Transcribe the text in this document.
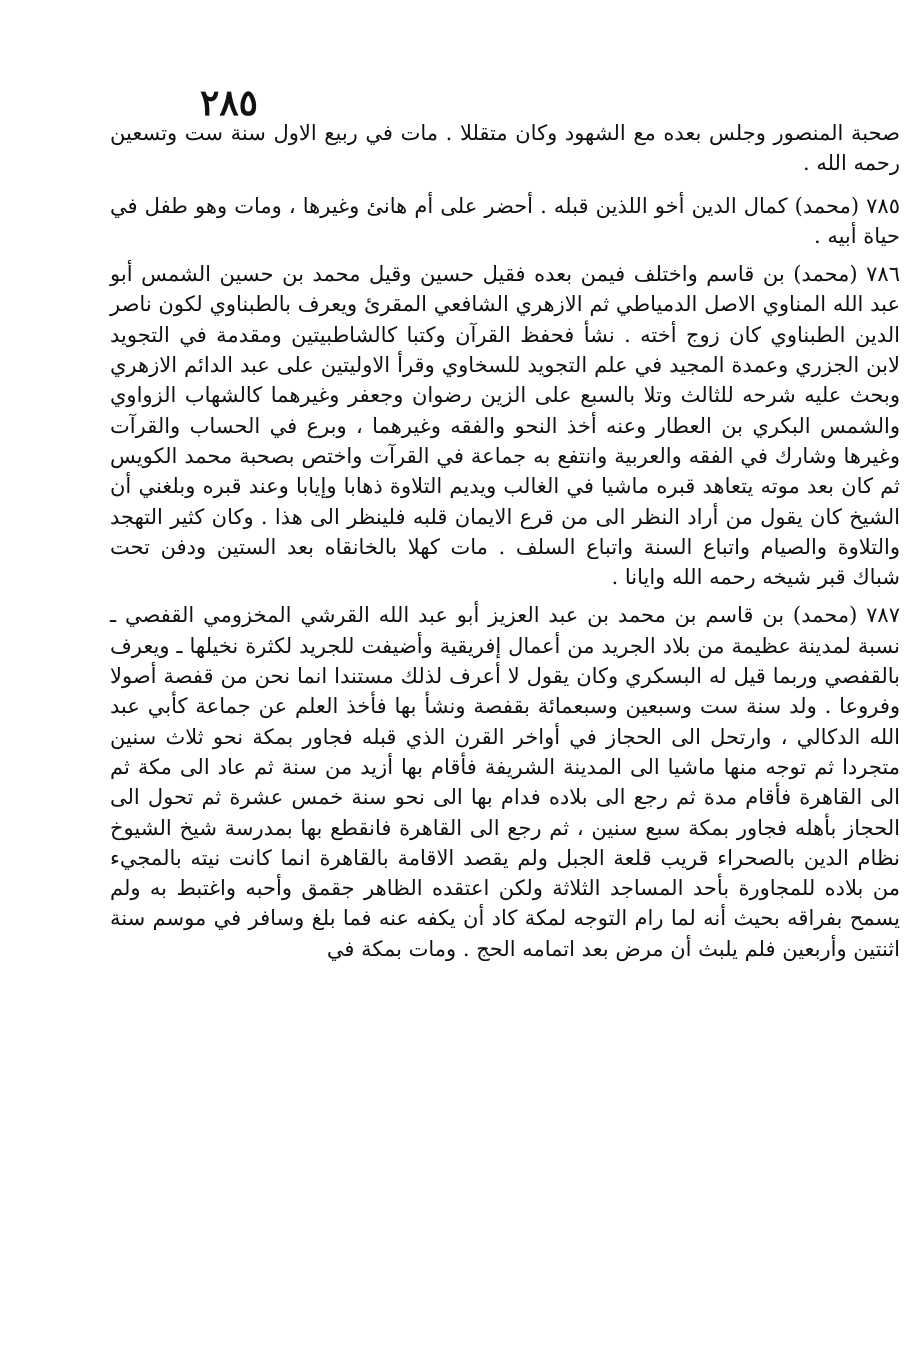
٢٨٥

صحبة المنصور وجلس بعده مع الشهود وكان متقللا . مات في ربيع الاول سنة ست وتسعين رحمه الله .

٧٨٥ (محمد) كمال الدين أخو اللذين قبله . أحضر على أم هانئ وغيرها ، ومات وهو طفل في حياة أبيه .

٧٨٦ (محمد) بن قاسم واختلف فيمن بعده فقيل حسين وقيل محمد بن حسين الشمس أبو عبد الله المناوي الاصل الدمياطي ثم الازهري الشافعي المقرئ ويعرف بالطبناوي لكون ناصر الدين الطبناوي كان زوج أخته . نشأ فحفظ القرآن وكتبا كالشاطبيتين ومقدمة في التجويد لابن الجزري وعمدة المجيد في علم التجويد للسخاوي وقرأ الاوليتين على عبد الدائم الازهري وبحث عليه شرحه للثالث وتلا بالسبع على الزين رضوان وجعفر وغيرهما كالشهاب الزواوي والشمس البكري بن العطار وعنه أخذ النحو والفقه وغيرهما ، وبرع في الحساب والقرآت وغيرها وشارك في الفقه والعربية وانتفع به جماعة في القرآت واختص بصحبة محمد الكويس ثم كان بعد موته يتعاهد قبره ماشيا في الغالب ويديم التلاوة ذهابا وإيابا وعند قبره وبلغني أن الشيخ كان يقول من أراد النظر الى من قرع الايمان قلبه فلينظر الى هذا . وكان كثير التهجد والتلاوة والصيام واتباع السنة واتباع السلف . مات كهلا بالخانقاه بعد الستين ودفن تحت شباك قبر شيخه رحمه الله وايانا .

٧٨٧ (محمد) بن قاسم بن محمد بن عبد العزيز أبو عبد الله القرشي المخزومي القفصي ـ نسبة لمدينة عظيمة من بلاد الجريد من أعمال إفريقية وأضيفت للجريد لكثرة نخيلها ـ ويعرف بالقفصي وربما قيل له البسكري وكان يقول لا أعرف لذلك مستندا انما نحن من قفصة أصولا وفروعا . ولد سنة ست وسبعين وسبعمائة بقفصة ونشأ بها فأخذ العلم عن جماعة كأبي عبد الله الدكالي ، وارتحل الى الحجاز في أواخر القرن الذي قبله فجاور بمكة نحو ثلاث سنين متجردا ثم توجه منها ماشيا الى المدينة الشريفة فأقام بها أزيد من سنة ثم عاد الى مكة ثم الى القاهرة فأقام مدة ثم رجع الى بلاده فدام بها الى نحو سنة خمس عشرة ثم تحول الى الحجاز بأهله فجاور بمكة سبع سنين ، ثم رجع الى القاهرة فانقطع بها بمدرسة شيخ الشيوخ نظام الدين بالصحراء قريب قلعة الجبل ولم يقصد الاقامة بالقاهرة انما كانت نيته بالمجيء من بلاده للمجاورة بأحد المساجد الثلاثة ولكن اعتقده الظاهر جقمق وأحبه واغتبط به ولم يسمح بفراقه بحيث أنه لما رام التوجه لمكة كاد أن يكفه عنه فما بلغ وسافر في موسم سنة اثنتين وأربعين فلم يلبث أن مرض بعد اتمامه الحج . ومات بمكة في
